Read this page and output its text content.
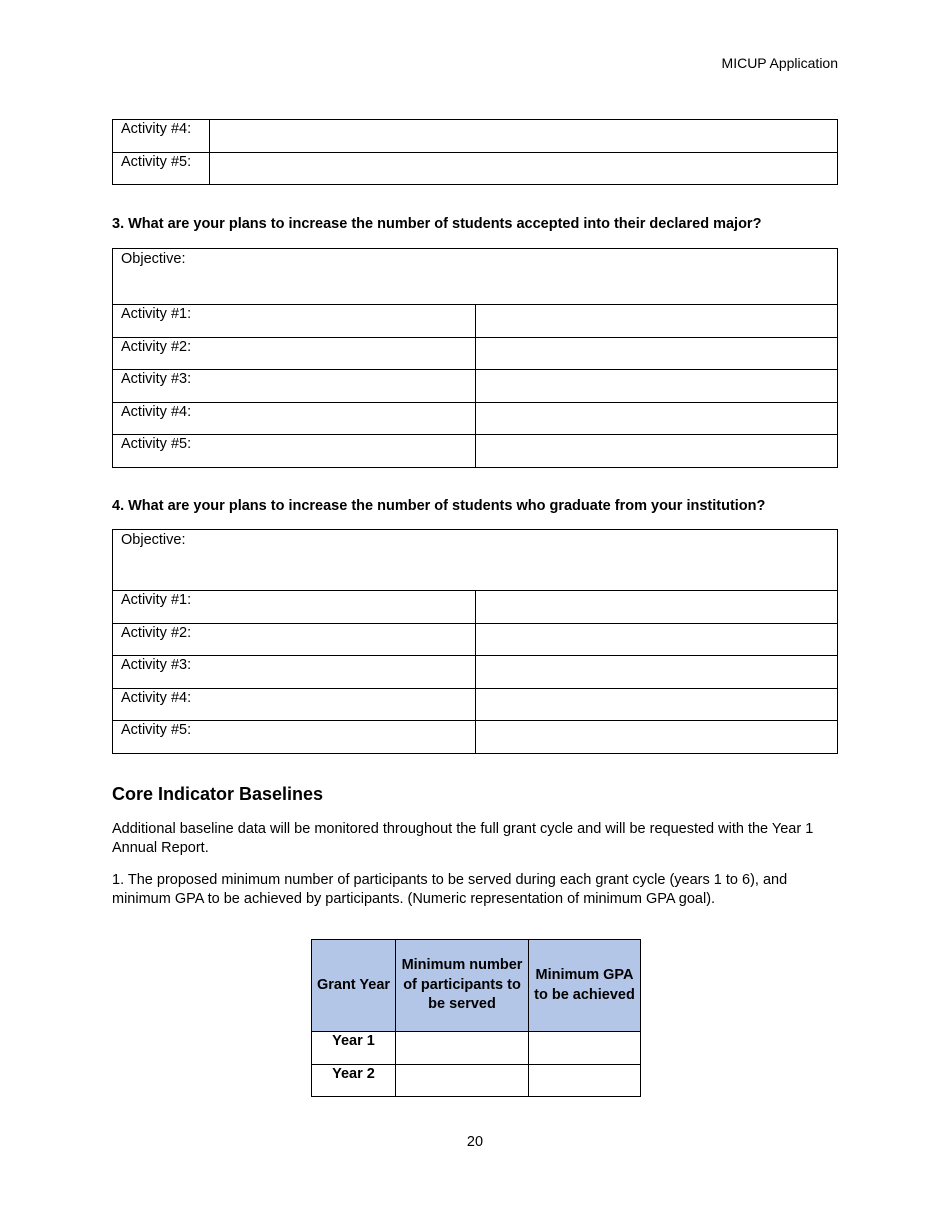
MICUP Application
Activity #4:	
Activity #5:	
3. What are your plans to increase the number of students accepted into their declared major?
Objective:	
Activity #1:	
Activity #2:	
Activity #3:	
Activity #4:	
Activity #5:	
4. What are your plans to increase the number of students who graduate from your institution?
Objective:	
Activity #1:	
Activity #2:	
Activity #3:	
Activity #4:	
Activity #5:	
Core Indicator Baselines
Additional baseline data will be monitored throughout the full grant cycle and will be requested with the Year 1 Annual Report.
1. The proposed minimum number of participants to be served during each grant cycle (years 1 to 6), and minimum GPA to be achieved by participants. (Numeric representation of minimum GPA goal).
Grant Year	Minimum number of participants to be served	Minimum GPA to be achieved
Year 1		
Year 2		
20
